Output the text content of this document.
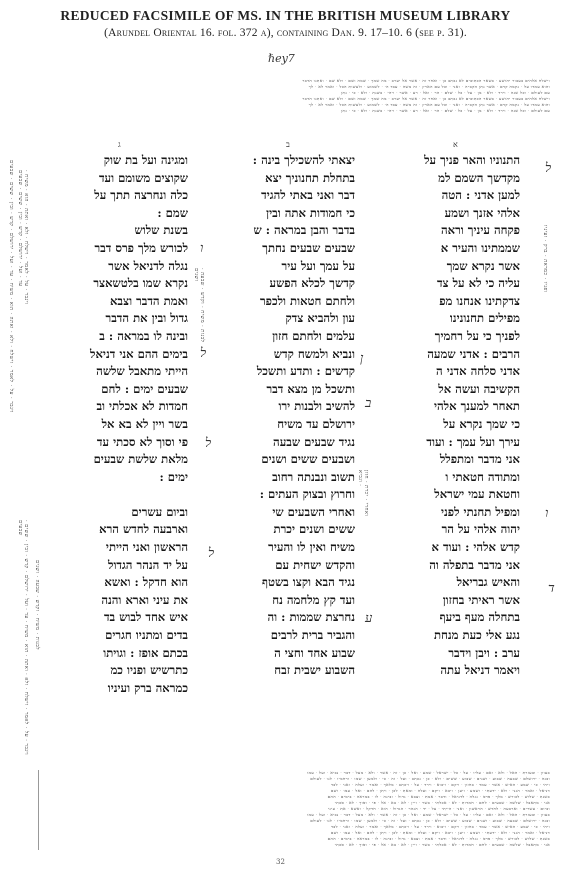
REDUCED FACSIMILE OF MS. IN THE BRITISH MUSEUM LIBRARY
(Arundel Oriental 16. fol. 372 a), containing Dan. 9. 17–10. 6 (see p. 31).
ℏey7
וישלח אלהים בעבור יהושע · בשאר הכתובים לא נכתב כן · ואחר זה · אשר אל יערב · מה שמך · שמה ושם · ולא שם · ואתנו הדבר
והוא עמדו על · נקמה קדם · אשר נתן הקב״ה · ואני · וכל עם הארץ · זה משה · עבד ה׳ · לשמוע · ולעשות הכל · ואמר לא · לך
עם לעולם · וכל שנה · וירד · ולא · מן · על · כל · שלם · הר · ואל · רע · אשר · ויהי · בשנת · ולא · כי · נתן
וישלח אלהים בעבור יהושע · בשאר הכתובים לא נכתב כן · ואחר זה · אשר אל יערב · מה שמך · שמה ושם · ולא שם · ואתנו הדבר
והוא עמדו על · נקמה קדם · אשר נתן הקב״ה · ואני · וכל עם הארץ · זה משה · עבד ה׳ · לשמוע · ולעשות הכל · ואמר לא · לך
עם לעולם · וכל שנה · וירד · ולא · מן · על · כל · שלם · הר · ואל · רע · אשר · ויהי · בשנת · ולא · כי · נתן
ג	ב	א
ויגבר · על · לאמר · וישלח · ולא · ואתה · הוא · משיח · עד · ועל · ירושלם · קדש · ובין · ששים · שבעים ויגבר · על · לאמר · וישלח · ולא · ואתה · הוא · משיח · עד · ועל · ירושלם · קדש · ובין · ששים · שבעים
ויגבר · על · לאמר · וישלח · ולא · ואתה · הוא · משיח · עד · ועל · ירושלם · קדש · ובין · ששים · שבעים
לבנות · משיח · וקדש · שבעה · ושנים
לבנות · משיח · וקדש · שבעה · ושנים
ואחרי · יכרת · חזון · ונביא
ופניו · כמראה · ברק · ועיניו
ומגינה ועל בת שוק
שקוצים משומם ועד
כלה ונחרצה תתך על
שמם :
בשנת שלוש
לכורש מלך פרס דבר
נגלה לדניאל אשר
נקרא שמו בלטשאצר
ואמת הדבר וצבא
גדול ובין את הדבר
ובינה לו במראה : ב
בימים ההם אני דניאל
הייתי מתאבל שלשה
שבעים ימים : לחם
חמדות לא אכלתי וב
בשר ויין לא בא אל
פי וסוך לא סכתי עד
מלאת שלשת שבעים
ימים :
וביום עשרים
וארבעה לחדש הרא
הראשון ואני הייתי
על יד הנהר הגדול
הוא חדקל : ואשא
את עיני וארא והנה
איש אחד לבוש בד
בדים ומתניו חגרים
בכתם אופז : וגויתו
כתרשיש ופניו כמ
כמראה ברק ועיניו
יצאתי להשכילך בינה :
בתחלת תחנוניך יצא
דבר ואני באתי להגיד
כי חמודות אתה ובין
בדבר והבן במראה : ש
שבעים שבעים נחתך
על עמך ועל עיר
קדשך לכלא הפשע
ולחתם חטאות ולכפר
עון ולהביא צדק
עלמים ולחתם חזון
ונביא ולמשח קדש
קדשים : ותדע ותשכל
ותשכל מן מצא דבר
להשיב ולבנות ירו
ירושלם עד משיח
נגיד שבעים שבעה
ושבעים ששים ושנים
תשוב ונבנתה רחוב
וחרוץ ובצוק העתים :
ואחרי השבעים שי
ששים ושנים יכרת
משיח ואין לו והעיר
והקדש ישחית עם
נגיד הבא וקצו בשטף
ועד קץ מלחמה נח
נחרצת שממות : וה
והגביר ברית לרבים
שבוע אחד וחצי ה
השבוע ישבית זבח
התנוניו והאר פניך על
מקדשך השמם למ
למען אדני : הטה
אלהי אזנך ושמע
פקחה עיניך וראה
שממתינו והעיר א
אשר נקרא שמך
עליה כי לא על צד
צדקתינו אנחנו מפ
מפילים תחנונינו
לפניך כי על רחמיך
הרבים : אדני שמעה
אדני סלחה אדני ה
הקשיבה ועשה אל
תאחר למענך אלהי
כי שמך נקרא על
עירך ועל עמך : ועוד
אני מדבר ומתפלל
ומתודה חטאתי ו
וחטאת עמי ישראל
ומפיל תחנתי לפני
יהוה אלהי על הר
קדש אלהי : ועוד א
אני מדבר בתפלה וה
והאיש גבריאל
אשר ראיתי בחזון
בתחלה מעף ביעף
נגע אלי כעת מנחת
ערב : ויבן וידבר
ויאמר דניאל עתה
ל
ו
ד
ו
ל
ל
ן
ב
ע
ל
בעוון · ובעזרת · האל · ולא · ואם · עליו · על · כל · ישראל · שמע · ואל · כן · זה · אשר · ולא · מעל · דבר · נביא · ועל · עמו
ובנה · ירושלם · שבעה · שבוע · ושנים · שבוע · ששים · ולא · כן · נכתב · ועל · זה · כי · ולמען · שמו · ורחמיו · לנו · לעולם
ויהי · כי · שמע · האיש · אשר · עמד · בחזון · ויקם · ויבוא · וירד · על · ויכתב · מלאך · ואמר · ועלה · ואני · לבד
דניאל · ואמר · הנני · ולא · ידעתי · ושמע · ויען · ויבא · ויקם · ועלה · ומאת · לכן · ויתן · להם · ואל · עמו · ושם
בשנת · שלוש · לכורש · מלך · פרס · נגלה · לדניאל · ודבר · אמת · וצבא · גדול · ובינה · לו · במראה · בימים · ההם
אני · מתאבל · שלשה · שבעים · לחם · חמדות · לא · אכלתי · בשר · ויין · לא · בא · אל · פי · וסוך · לא · סכתי
וביום · עשרים · וארבעה · לחדש · הראשון · ואני · הייתי · על · יד · הנהר · הגדול · הוא · חדקל · ואשא · את · עיני
בעוון · ובעזרת · האל · ולא · ואם · עליו · על · כל · ישראל · שמע · ואל · כן · זה · אשר · ולא · מעל · דבר · נביא · ועל · עמו
ובנה · ירושלם · שבעה · שבוע · ושנים · שבוע · ששים · ולא · כן · נכתב · ועל · זה · כי · ולמען · שמו · ורחמיו · לנו · לעולם
ויהי · כי · שמע · האיש · אשר · עמד · בחזון · ויקם · ויבוא · וירד · על · ויכתב · מלאך · ואמר · ועלה · ואני · לבד
דניאל · ואמר · הנני · ולא · ידעתי · ושמע · ויען · ויבא · ויקם · ועלה · ומאת · לכן · ויתן · להם · ואל · עמו · ושם
בשנת · שלוש · לכורש · מלך · פרס · נגלה · לדניאל · ודבר · אמת · וצבא · גדול · ובינה · לו · במראה · בימים · ההם
אני · מתאבל · שלשה · שבעים · לחם · חמדות · לא · אכלתי · בשר · ויין · לא · בא · אל · פי · וסוך · לא · סכתי
32
